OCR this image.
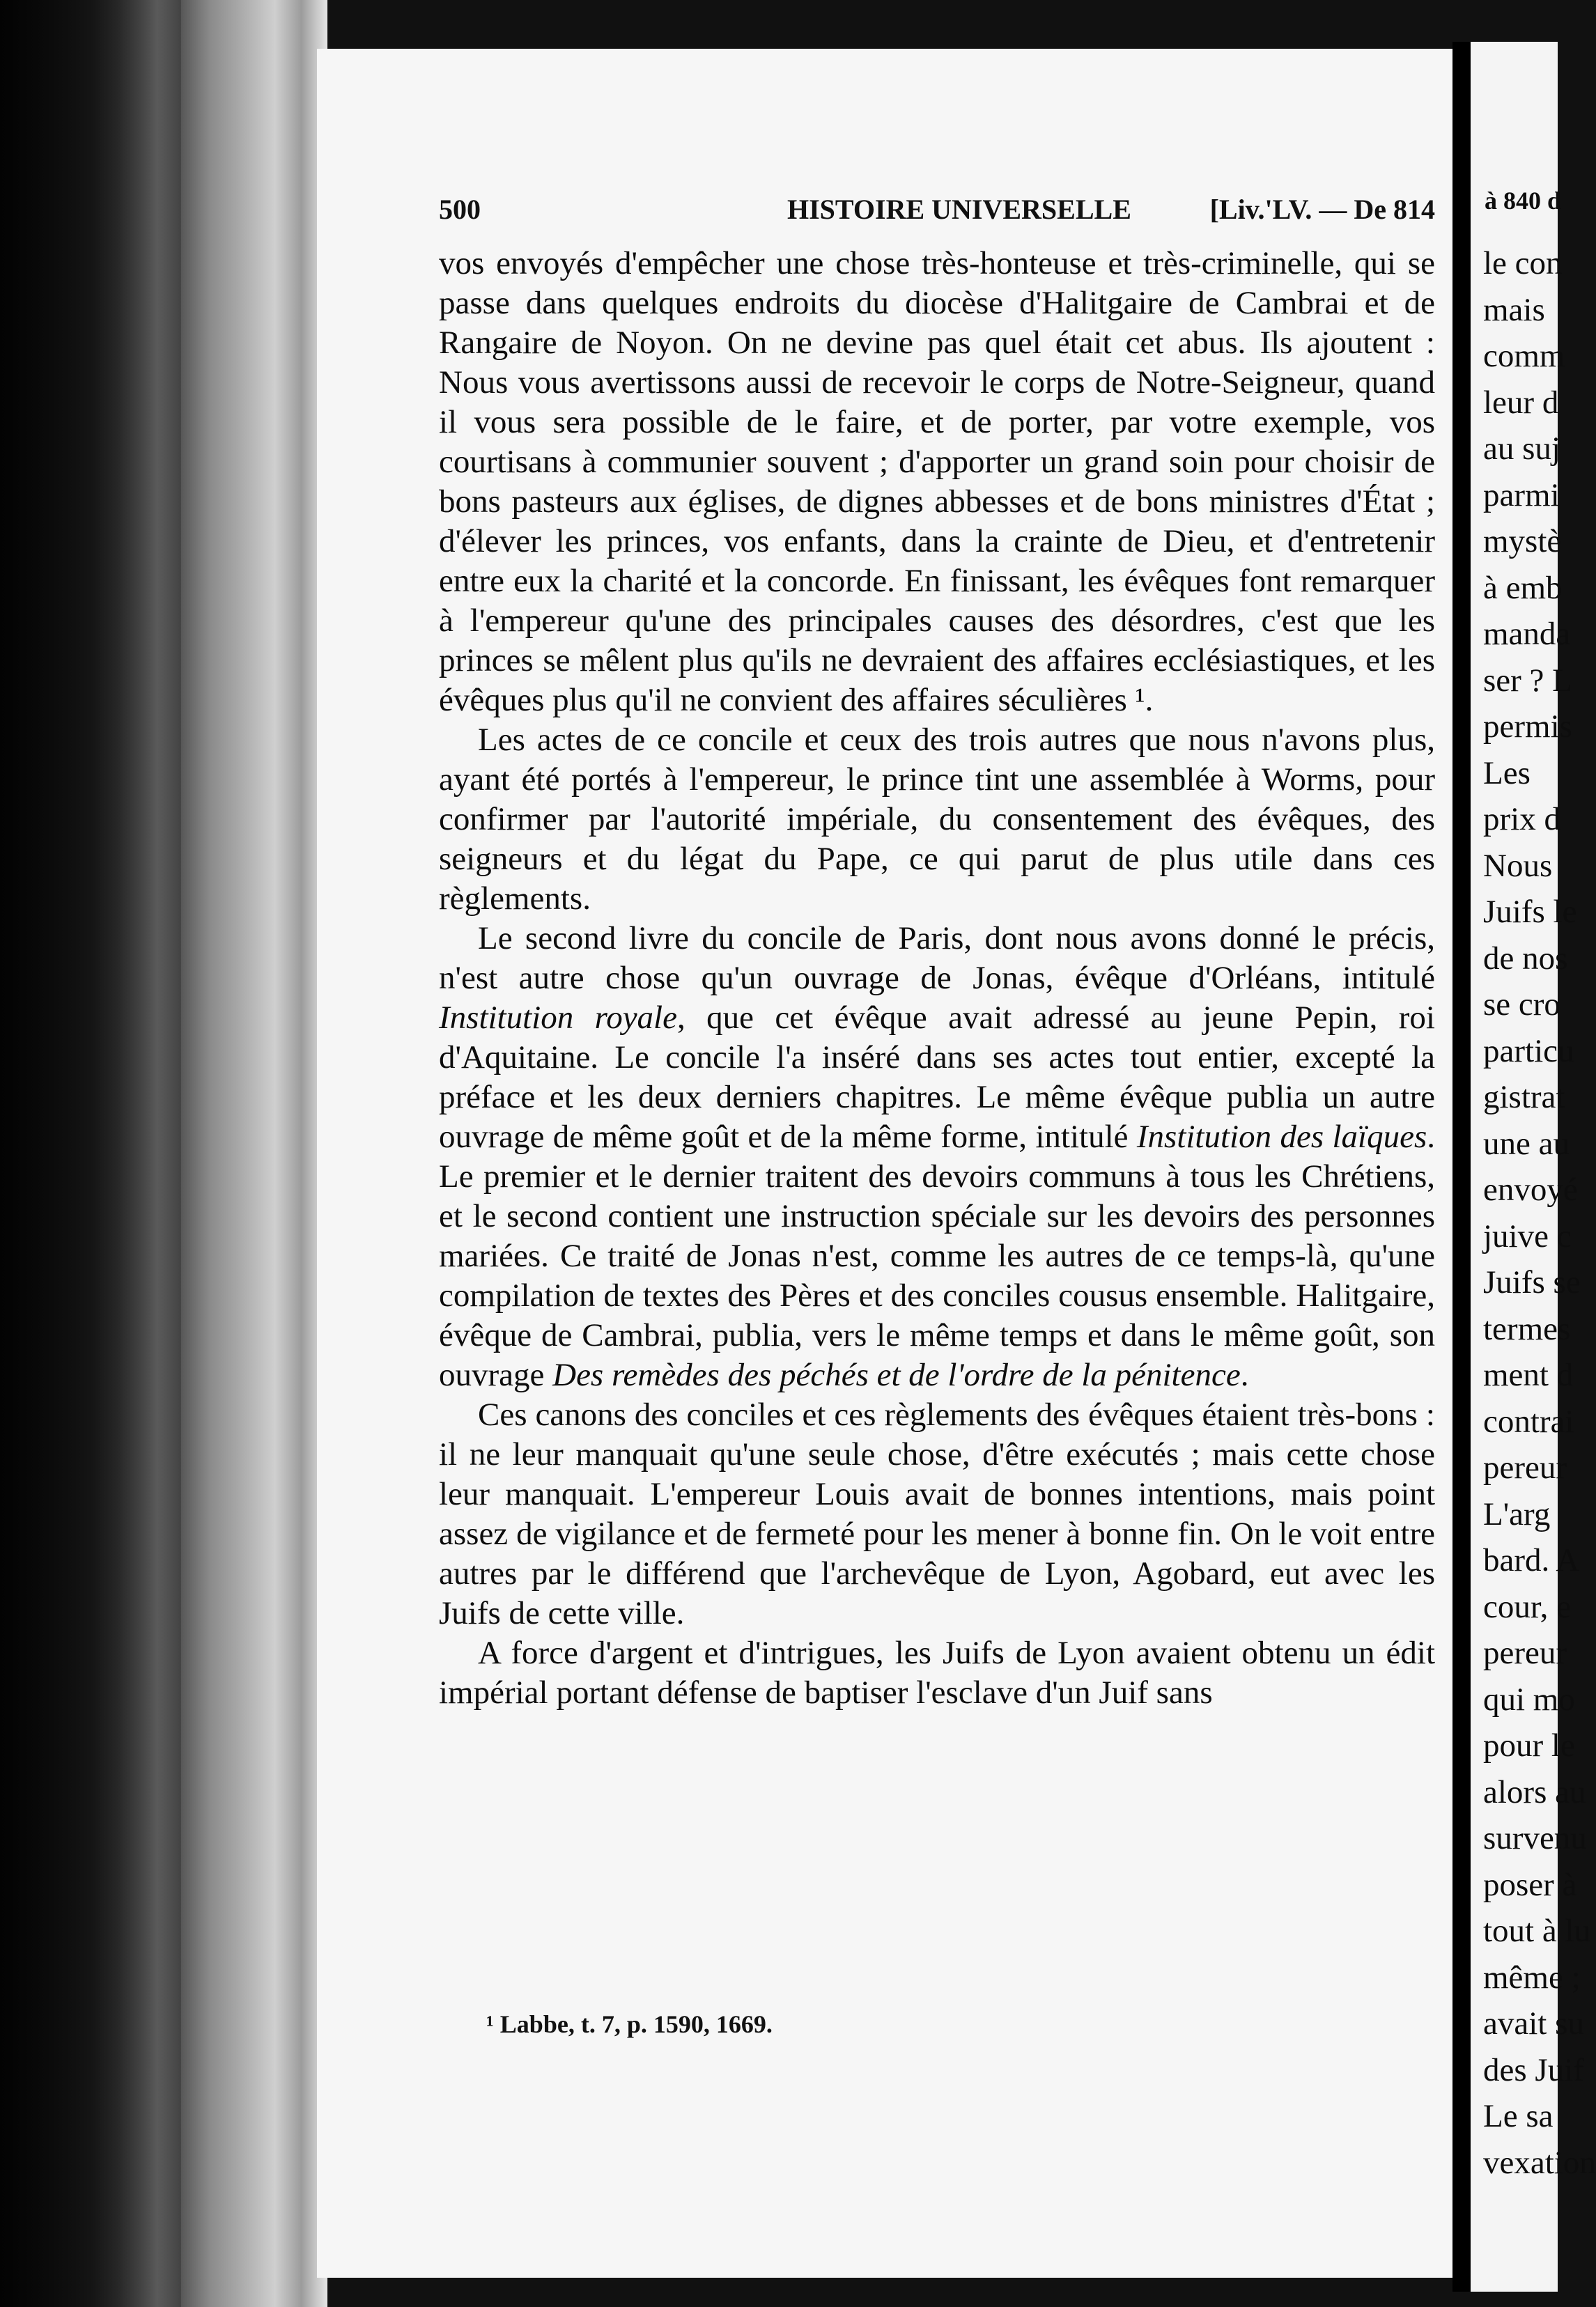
500	HISTOIRE UNIVERSELLE	[Liv.'LV. — De 814

vos envoyés d'empêcher une chose très-honteuse et très-criminelle, qui se passe dans quelques endroits du diocèse d'Halitgaire de Cambrai et de Rangaire de Noyon. On ne devine pas quel était cet abus. Ils ajoutent : Nous vous avertissons aussi de recevoir le corps de Notre-Seigneur, quand il vous sera possible de le faire, et de porter, par votre exemple, vos courtisans à communier souvent ; d'apporter un grand soin pour choisir de bons pasteurs aux églises, de dignes abbesses et de bons ministres d'État ; d'élever les princes, vos enfants, dans la crainte de Dieu, et d'entretenir entre eux la charité et la concorde. En finissant, les évêques font remarquer à l'empereur qu'une des principales causes des désordres, c'est que les princes se mêlent plus qu'ils ne devraient des affaires ecclésiastiques, et les évêques plus qu'il ne convient des affaires séculières ¹.

Les actes de ce concile et ceux des trois autres que nous n'avons plus, ayant été portés à l'empereur, le prince tint une assemblée à Worms, pour confirmer par l'autorité impériale, du consentement des évêques, des seigneurs et du légat du Pape, ce qui parut de plus utile dans ces règlements.

Le second livre du concile de Paris, dont nous avons donné le précis, n'est autre chose qu'un ouvrage de Jonas, évêque d'Orléans, intitulé Institution royale, que cet évêque avait adressé au jeune Pepin, roi d'Aquitaine. Le concile l'a inséré dans ses actes tout entier, excepté la préface et les deux derniers chapitres. Le même évêque publia un autre ouvrage de même goût et de la même forme, intitulé Institution des laïques. Le premier et le dernier traitent des devoirs communs à tous les Chrétiens, et le second contient une instruction spéciale sur les devoirs des personnes mariées. Ce traité de Jonas n'est, comme les autres de ce temps-là, qu'une compilation de textes des Pères et des conciles cousus ensemble. Halitgaire, évêque de Cambrai, publia, vers le même temps et dans le même goût, son ouvrage Des remèdes des péchés et de l'ordre de la pénitence.

Ces canons des conciles et ces règlements des évêques étaient très-bons : il ne leur manquait qu'une seule chose, d'être exécutés ; mais cette chose leur manquait. L'empereur Louis avait de bonnes intentions, mais point assez de vigilance et de fermeté pour les mener à bonne fin. On le voit entre autres par le différend que l'archevêque de Lyon, Agobard, eut avec les Juifs de cette ville.

A force d'argent et d'intrigues, les Juifs de Lyon avaient obtenu un édit impérial portant défense de baptiser l'esclave d'un Juif sans

¹ Labbe, t. 7, p. 1590, 1669.
à 840 d
le con
mais
comm
leur d
au suj
parmi
mystè
à emb
manda
ser ? L
permis
Les
prix d
Nous
Juifs le
de nos
se cro
particu
gistrat
une au
envoyé
juive c
Juifs se
termes
ment d
contrai
pereur
L'arg
bard. A
cour, e
pereur
qui mo
pour le
alors au
survenu
poser à
tout à lu
même ;
avait su
des Juif
Le sa
vexation
